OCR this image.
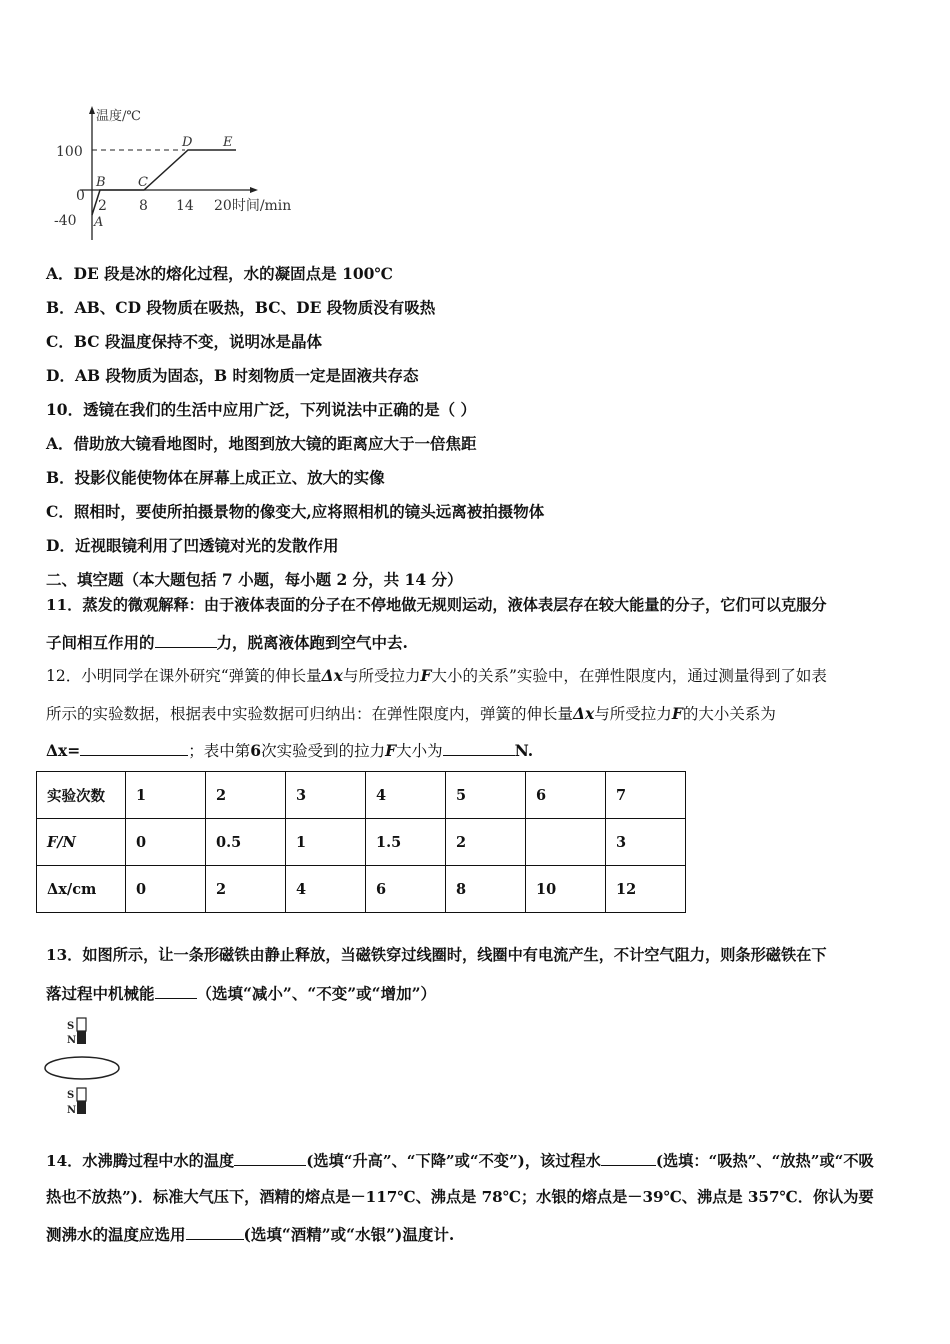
温度/℃
100
0
-40
2 8 14 20时间/min
A
B C
D E
A．DE 段是冰的熔化过程，水的凝固点是 100℃
B．AB、CD 段物质在吸热，BC、DE 段物质没有吸热
C．BC 段温度保持不变，说明冰是晶体
D．AB 段物质为固态，B 时刻物质一定是固液共存态
10．透镜在我们的生活中应用广泛，下列说法中正确的是（ ）
A．借助放大镜看地图时，地图到放大镜的距离应大于一倍焦距
B．投影仪能使物体在屏幕上成正立、放大的实像
C．照相时，要使所拍摄景物的像变大,应将照相机的镜头远离被拍摄物体
D．近视眼镜利用了凹透镜对光的发散作用
二、填空题（本大题包括 7 小题，每小题 2 分，共 14 分）
11．蒸发的微观解释：由于液体表面的分子在不停地做无规则运动，液体表层存在较大能量的分子，它们可以克服分
子间相互作用的	力，脱离液体跑到空气中去.
12．小明同学在课外研究“弹簧的伸长量Δx与所受拉力F大小的关系”实验中，在弹性限度内，通过测量得到了如表
所示的实验数据，根据表中实验数据可归纳出：在弹性限度内，弹簧的伸长量Δx与所受拉力F的大小关系为
Δx=	；表中第6次实验受到的拉力F大小为	N.
实验次数	1	2	3	4	5	6	7
F/N	0	0.5	1	1.5	2		3
Δx/cm	0	2	4	6	8	10	12
13．如图所示，让一条形磁铁由静止释放，当磁铁穿过线圈时，线圈中有电流产生，不计空气阻力，则条形磁铁在下
落过程中机械能	（选填“减小”、“不变”或“增加”）
S
N
S
N
14．水沸腾过程中水的温度	(选填“升高”、“下降”或“不变”)，该过程水	(选填：“吸热”、“放热”或“不吸
热也不放热”)．标准大气压下，酒精的熔点是－117℃、沸点是 78℃；水银的熔点是－39℃、沸点是 357℃．你认为要
测沸水的温度应选用	(选填“酒精”或“水银”)温度计.
